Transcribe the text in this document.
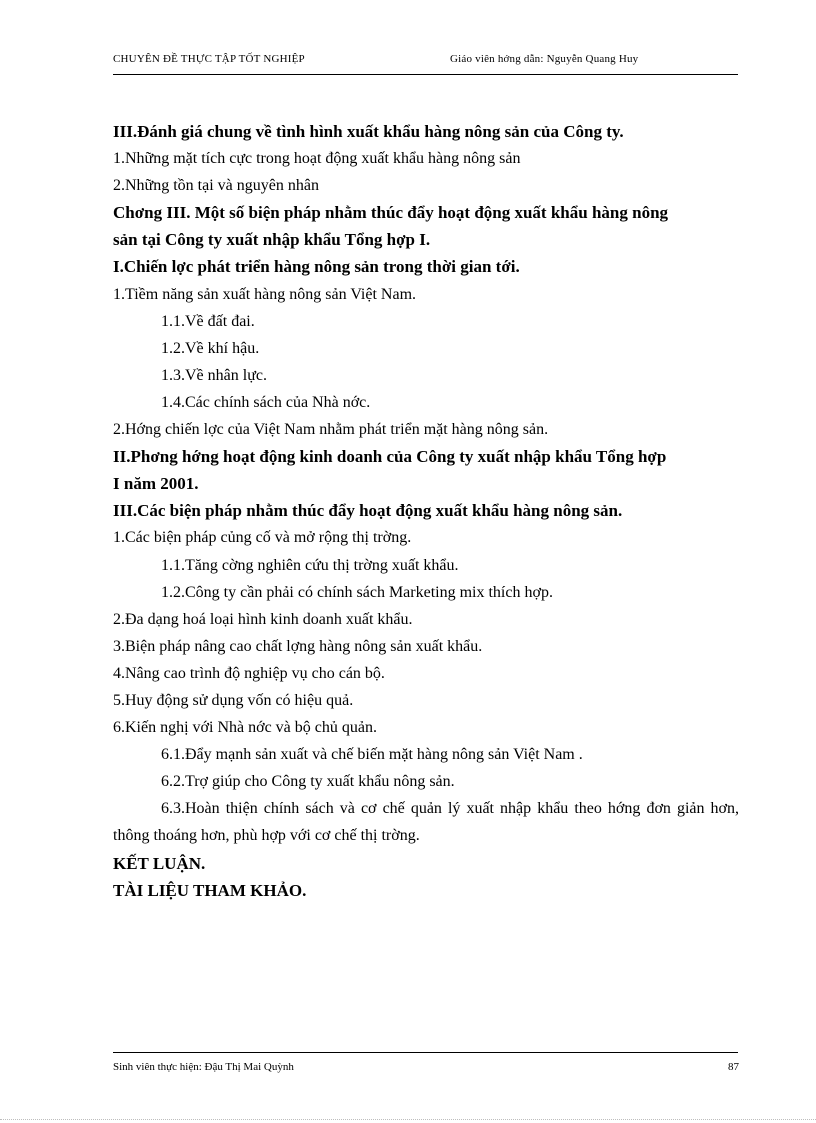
CHUYÊN ĐỀ THỰC TẬP TỐT NGHIỆP	Giáo viên hớng dẫn: Nguyễn Quang Huy
III.Đánh giá chung về tình hình xuất khẩu hàng nông sản của Công ty.
1.Những mặt tích cực trong hoạt động xuất khẩu hàng nông sản
2.Những tồn tại và nguyên nhân
Chơng III. Một số biện pháp nhằm thúc đẩy hoạt động xuất khẩu hàng nông
sản tại Công ty xuất nhập khẩu Tổng hợp I.
I.Chiến lợc phát triển hàng nông sản trong thời gian tới.
1.Tiềm năng sản xuất hàng nông sản Việt Nam.
1.1.Về đất đai.
1.2.Về khí hậu.
1.3.Về nhân lực.
1.4.Các chính sách của Nhà nớc.
2.Hớng chiến lợc của Việt Nam nhằm phát triển mặt hàng nông sản.
II.Phơng hớng hoạt động kinh doanh của Công ty xuất nhập khẩu Tổng hợp
I năm 2001.
III.Các biện pháp nhằm thúc đẩy hoạt động xuất khẩu hàng nông sản.
1.Các biện pháp củng cố và mở rộng thị trờng.
1.1.Tăng cờng nghiên cứu thị trờng xuất khẩu.
1.2.Công ty cần phải có chính sách Marketing mix thích hợp.
2.Đa dạng hoá loại hình kinh doanh xuất khẩu.
3.Biện pháp nâng cao chất lợng hàng nông sản xuất khẩu.
4.Nâng cao trình độ nghiệp vụ cho cán bộ.
5.Huy động sử dụng vốn có hiệu quả.
6.Kiến nghị với Nhà nớc và bộ chủ quản.
6.1.Đẩy mạnh sản xuất và chế biến mặt hàng nông sản Việt Nam .
6.2.Trợ giúp cho Công ty xuất khẩu nông sản.
6.3.Hoàn thiện chính sách và cơ chế quản lý xuất nhập khẩu theo hớng đơn giản hơn, thông thoáng hơn, phù hợp với cơ chế thị trờng.
KẾT LUẬN.
TÀI LIỆU THAM KHẢO.
Sinh viên thực hiện: Đậu Thị Mai Quỳnh	87
